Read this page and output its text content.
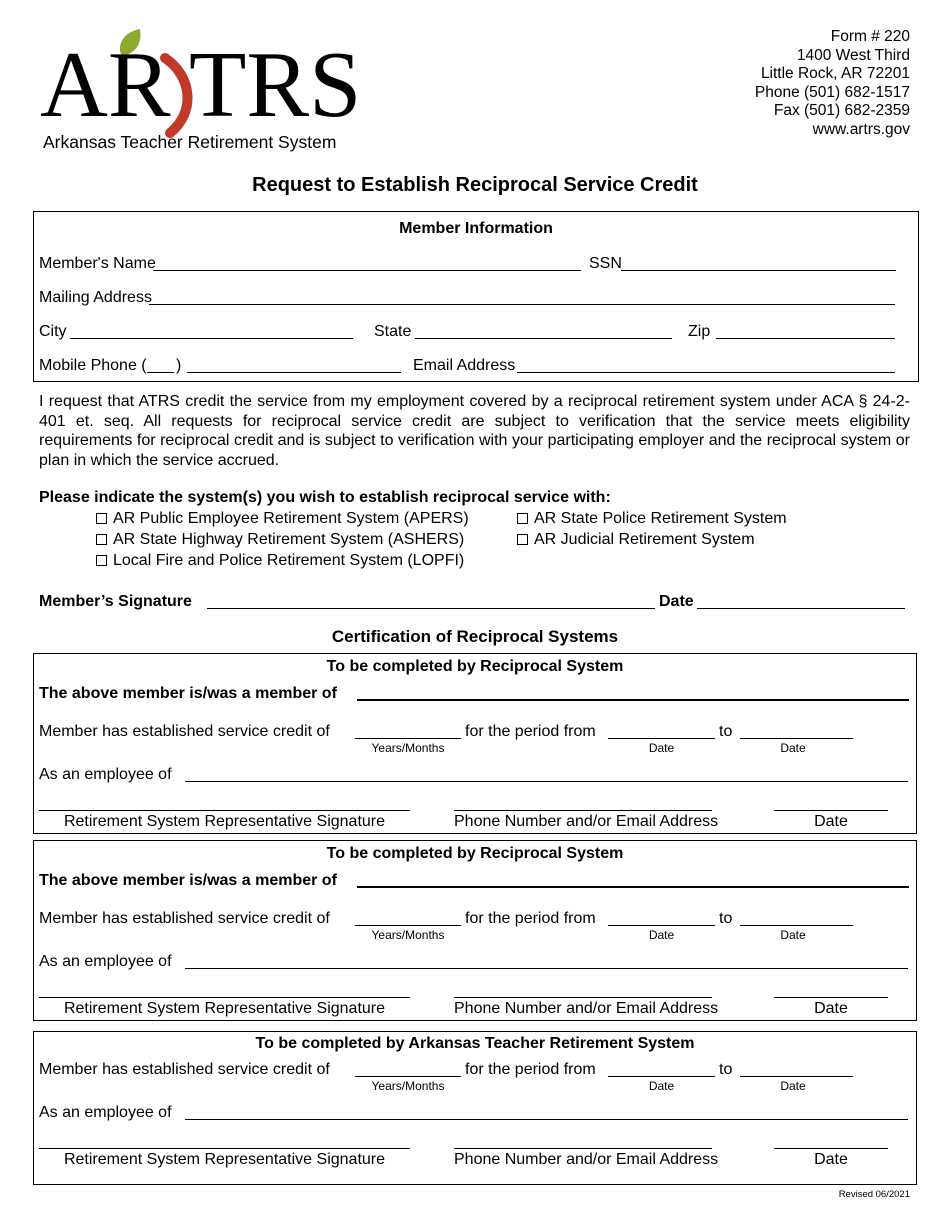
AR TRS
Arkansas Teacher Retirement System
Form # 220
1400 West Third
Little Rock, AR 72201
Phone (501) 682-1517
Fax (501) 682-2359
www.artrs.gov
Request to Establish Reciprocal Service Credit
Member Information
Member's Name	SSN
Mailing Address
City	State	Zip
Mobile Phone ( )	Email Address
I request that ATRS credit the service from my employment covered by a reciprocal retirement system under ACA § 24-2-401 et. seq. All requests for reciprocal service credit are subject to verification that the service meets eligibility requirements for reciprocal credit and is subject to verification with your participating employer and the reciprocal system or plan in which the service accrued.
Please indicate the system(s) you wish to establish reciprocal service with:
AR Public Employee Retirement System (APERS)	AR State Police Retirement System
AR State Highway Retirement System (ASHERS)	AR Judicial Retirement System
Local Fire and Police Retirement System (LOPFI)
Member’s Signature	Date
Certification of Reciprocal Systems
To be completed by Reciprocal System
The above member is/was a member of
Member has established service credit of
Years/Months
for the period from
Date
to
Date
As an employee of
Retirement System Representative Signature	Phone Number and/or Email Address	Date
To be completed by Reciprocal System
The above member is/was a member of
Member has established service credit of
Years/Months
for the period from
Date
to
Date
As an employee of
Retirement System Representative Signature	Phone Number and/or Email Address	Date
To be completed by Arkansas Teacher Retirement System
Member has established service credit of
Years/Months
for the period from
Date
to
Date
As an employee of
Retirement System Representative Signature	Phone Number and/or Email Address	Date
Revised 06/2021
